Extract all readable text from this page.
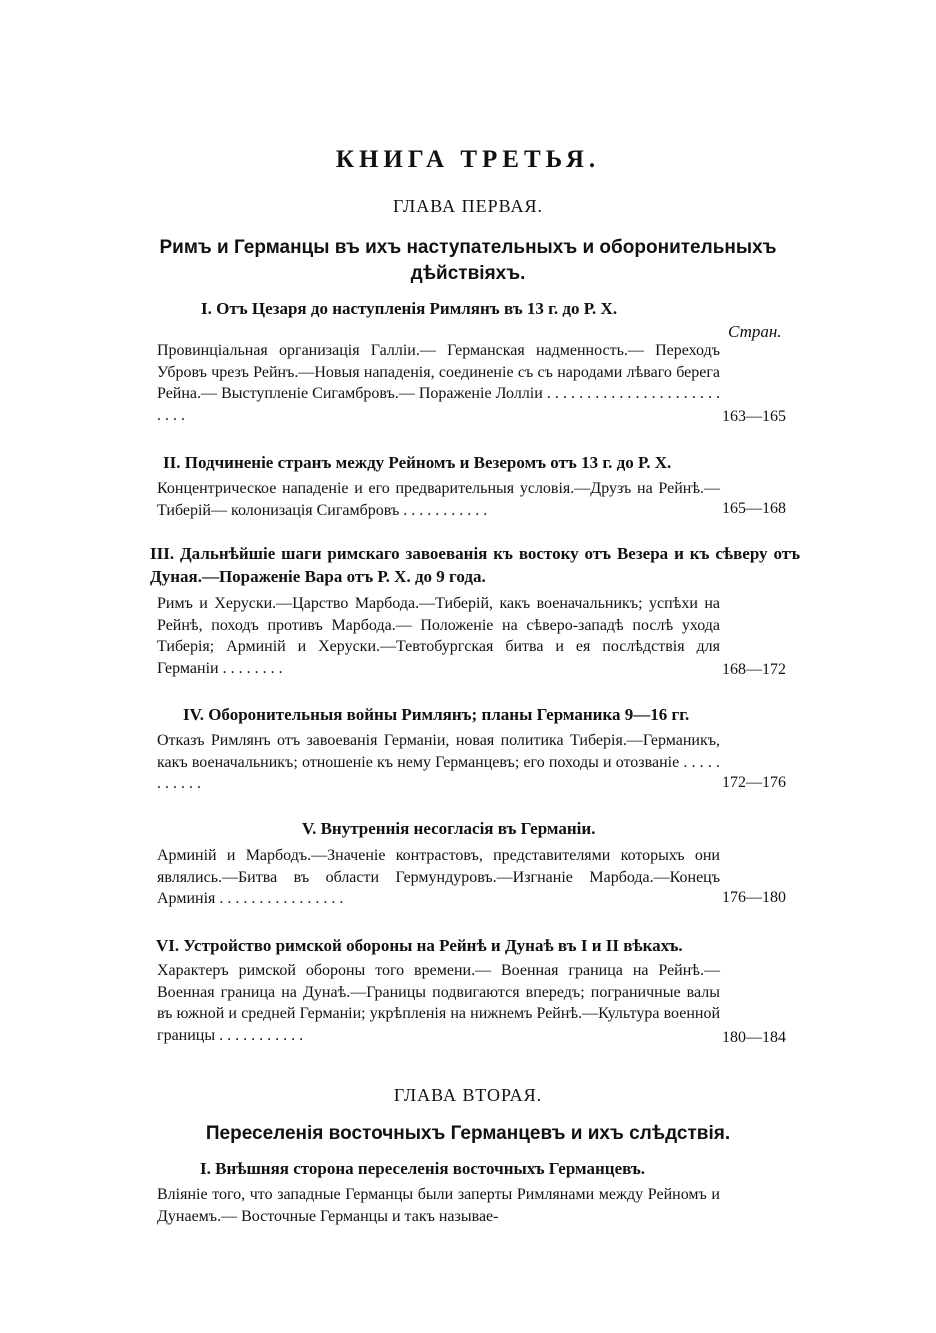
КНИГА ТРЕТЬЯ.
ГЛАВА ПЕРВАЯ.
Римъ и Германцы въ ихъ наступательныхъ и оборонительныхъ дѣйствіяхъ.
Стран.
I. Отъ Цезаря до наступленія Римлянъ въ 13 г. до Р. Х.
Провинціальная организація Галліи.— Германская надменность.— Переходъ Убровъ чрезъ Рейнъ.—Новыя нападенія, соединеніе съ съ народами лѣваго берега Рейна.— Выступленіе Сигамбровъ.— Пораженіе Лолліи . . . . . . . . . . . . . . . . . . . . . . . . . .	163—165
II. Подчиненіе странъ между Рейномъ и Везеромъ отъ 13 г. до Р. Х.
Концентрическое нападеніе и его предварительныя условія.—Друзъ на Рейнѣ.— Тиберій— колонизація Сигамбровъ . . . . . . . . . . .	165—168
III. Дальнѣйшіе шаги римскаго завоеванія къ востоку отъ Везера и къ сѣверу отъ Дуная.—Пораженіе Вара отъ Р. Х. до 9 года.
Римъ и Херуски.—Царство Марбода.—Тиберій, какъ военачальникъ; успѣхи на Рейнѣ, походъ противъ Марбода.— Положеніе на сѣверо-западѣ послѣ ухода Тиберія; Арминій и Херуски.—Тевтобургская битва и ея послѣдствія для Германіи . . . . . . . .	168—172
IV. Оборонительныя войны Римлянъ; планы Германика 9—16 гг.
Отказъ Римлянъ отъ завоеванія Германіи, новая политика Тиберія.—Германикъ, какъ военачальникъ; отношеніе къ нему Германцевъ; его походы и отозваніе . . . . . . . . . . .	172—176
V. Внутреннія несогласія въ Германіи.
Арминій и Марбодъ.—Значеніе контрастовъ, представителями которыхъ они являлись.—Битва въ области Гермундуровъ.—Изгнаніе Марбода.—Конецъ Арминія . . . . . . . . . . . . . . . .	176—180
VI. Устройство римской обороны на Рейнѣ и Дунаѣ въ I и II вѣкахъ.
Характеръ римской обороны того времени.— Военная граница на Рейнѣ.—Военная граница на Дунаѣ.—Границы подвигаются впередъ; пограничные валы въ южной и средней Германіи; укрѣпленія на нижнемъ Рейнѣ.—Культура военной границы . . . . . . . . . . .	180—184
ГЛАВА ВТОРАЯ.
Переселенія восточныхъ Германцевъ и ихъ слѣдствія.
I. Внѣшняя сторона переселенія восточныхъ Германцевъ.
Вліяніе того, что западные Германцы были заперты Римлянами между Рейномъ и Дунаемъ.— Восточные Германцы и такъ называе-
